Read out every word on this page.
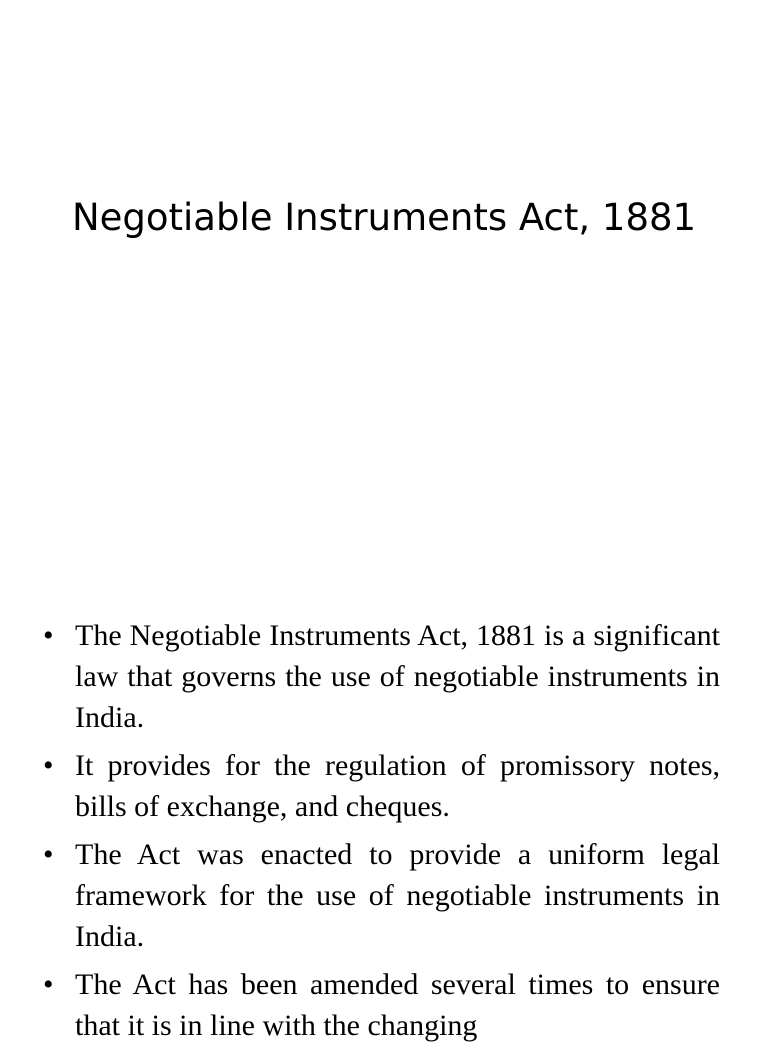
Negotiable Instruments Act, 1881
• The Negotiable Instruments Act, 1881 is a significant law that governs the use of negotiable instruments in India.
• It provides for the regulation of promissory notes, bills of exchange, and cheques.
• The Act was enacted to provide a uniform legal framework for the use of negotiable instruments in India.
• The Act has been amended several times to ensure that it is in line with the changing
